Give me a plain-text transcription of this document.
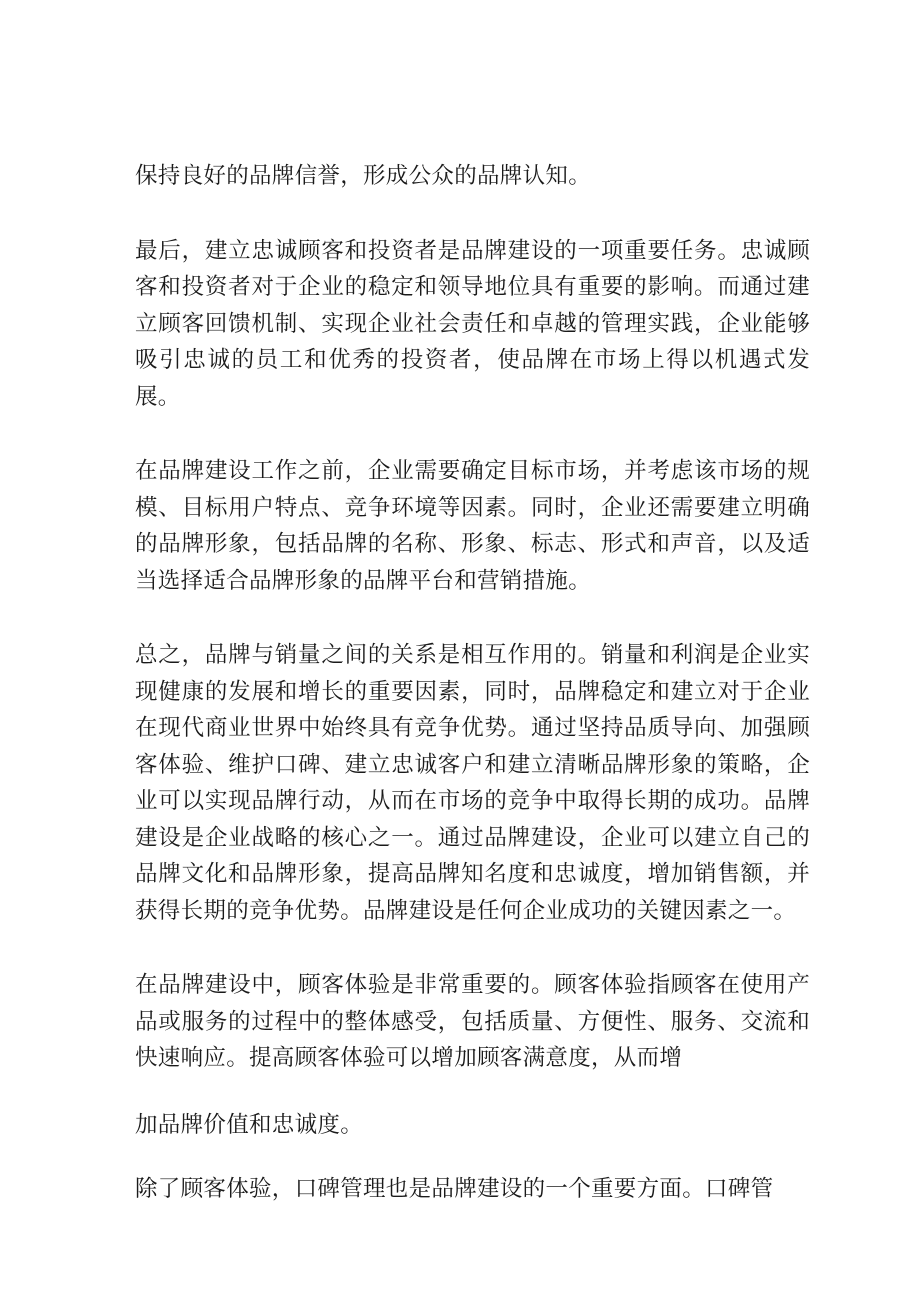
保持良好的品牌信誉，形成公众的品牌认知。

最后，建立忠诚顾客和投资者是品牌建设的一项重要任务。忠诚顾客和投资者对于企业的稳定和领导地位具有重要的影响。而通过建立顾客回馈机制、实现企业社会责任和卓越的管理实践，企业能够吸引忠诚的员工和优秀的投资者，使品牌在市场上得以机遇式发展。

在品牌建设工作之前，企业需要确定目标市场，并考虑该市场的规模、目标用户特点、竞争环境等因素。同时，企业还需要建立明确的品牌形象，包括品牌的名称、形象、标志、形式和声音，以及适当选择适合品牌形象的品牌平台和营销措施。

总之，品牌与销量之间的关系是相互作用的。销量和利润是企业实现健康的发展和增长的重要因素，同时，品牌稳定和建立对于企业在现代商业世界中始终具有竞争优势。通过坚持品质导向、加强顾客体验、维护口碑、建立忠诚客户和建立清晰品牌形象的策略，企业可以实现品牌行动，从而在市场的竞争中取得长期的成功。品牌建设是企业战略的核心之一。通过品牌建设，企业可以建立自己的品牌文化和品牌形象，提高品牌知名度和忠诚度，增加销售额，并获得长期的竞争优势。品牌建设是任何企业成功的关键因素之一。

在品牌建设中，顾客体验是非常重要的。顾客体验指顾客在使用产品或服务的过程中的整体感受，包括质量、方便性、服务、交流和快速响应。提高顾客体验可以增加顾客满意度，从而增

加品牌价值和忠诚度。

除了顾客体验，口碑管理也是品牌建设的一个重要方面。口碑管
